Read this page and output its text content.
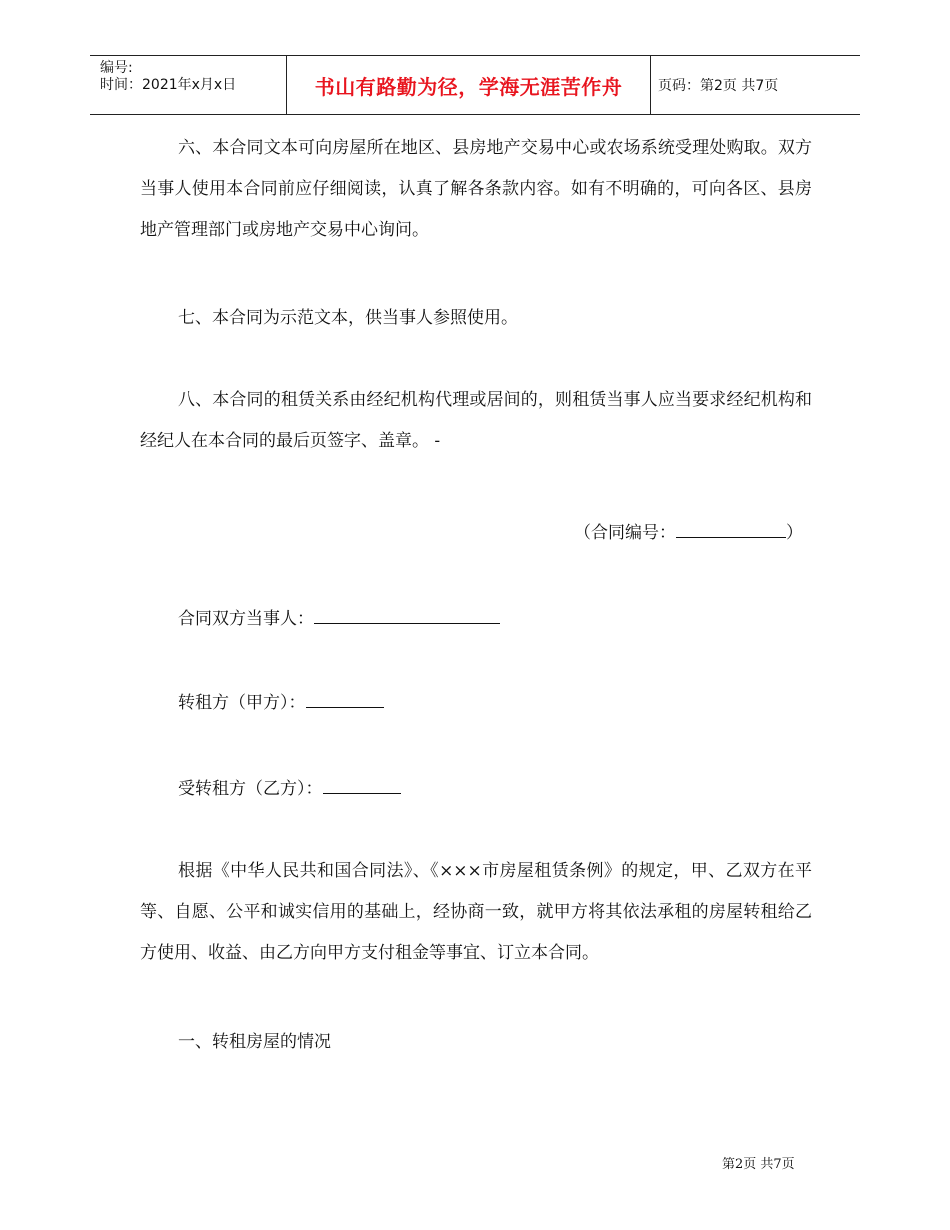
编号:
时间：2021年x月x日	书山有路勤为径，学海无涯苦作舟	页码：第2页 共7页

六、本合同文本可向房屋所在地区、县房地产交易中心或农场系统受理处购取。双方当事人使用本合同前应仔细阅读，认真了解各条款内容。如有不明确的，可向各区、县房地产管理部门或房地产交易中心询问。

七、本合同为示范文本，供当事人参照使用。

八、本合同的租赁关系由经纪机构代理或居间的，则租赁当事人应当要求经纪机构和经纪人在本合同的最后页签字、盖章。 -

（合同编号：	）
合同双方当事人：
转租方（甲方）：
受转租方（乙方）：

根据《中华人民共和国合同法》、《×××市房屋租赁条例》的规定，甲、乙双方在平等、自愿、公平和诚实信用的基础上，经协商一致，就甲方将其依法承租的房屋转租给乙方使用、收益、由乙方向甲方支付租金等事宜、订立本合同。

一、转租房屋的情况

第2页 共7页
